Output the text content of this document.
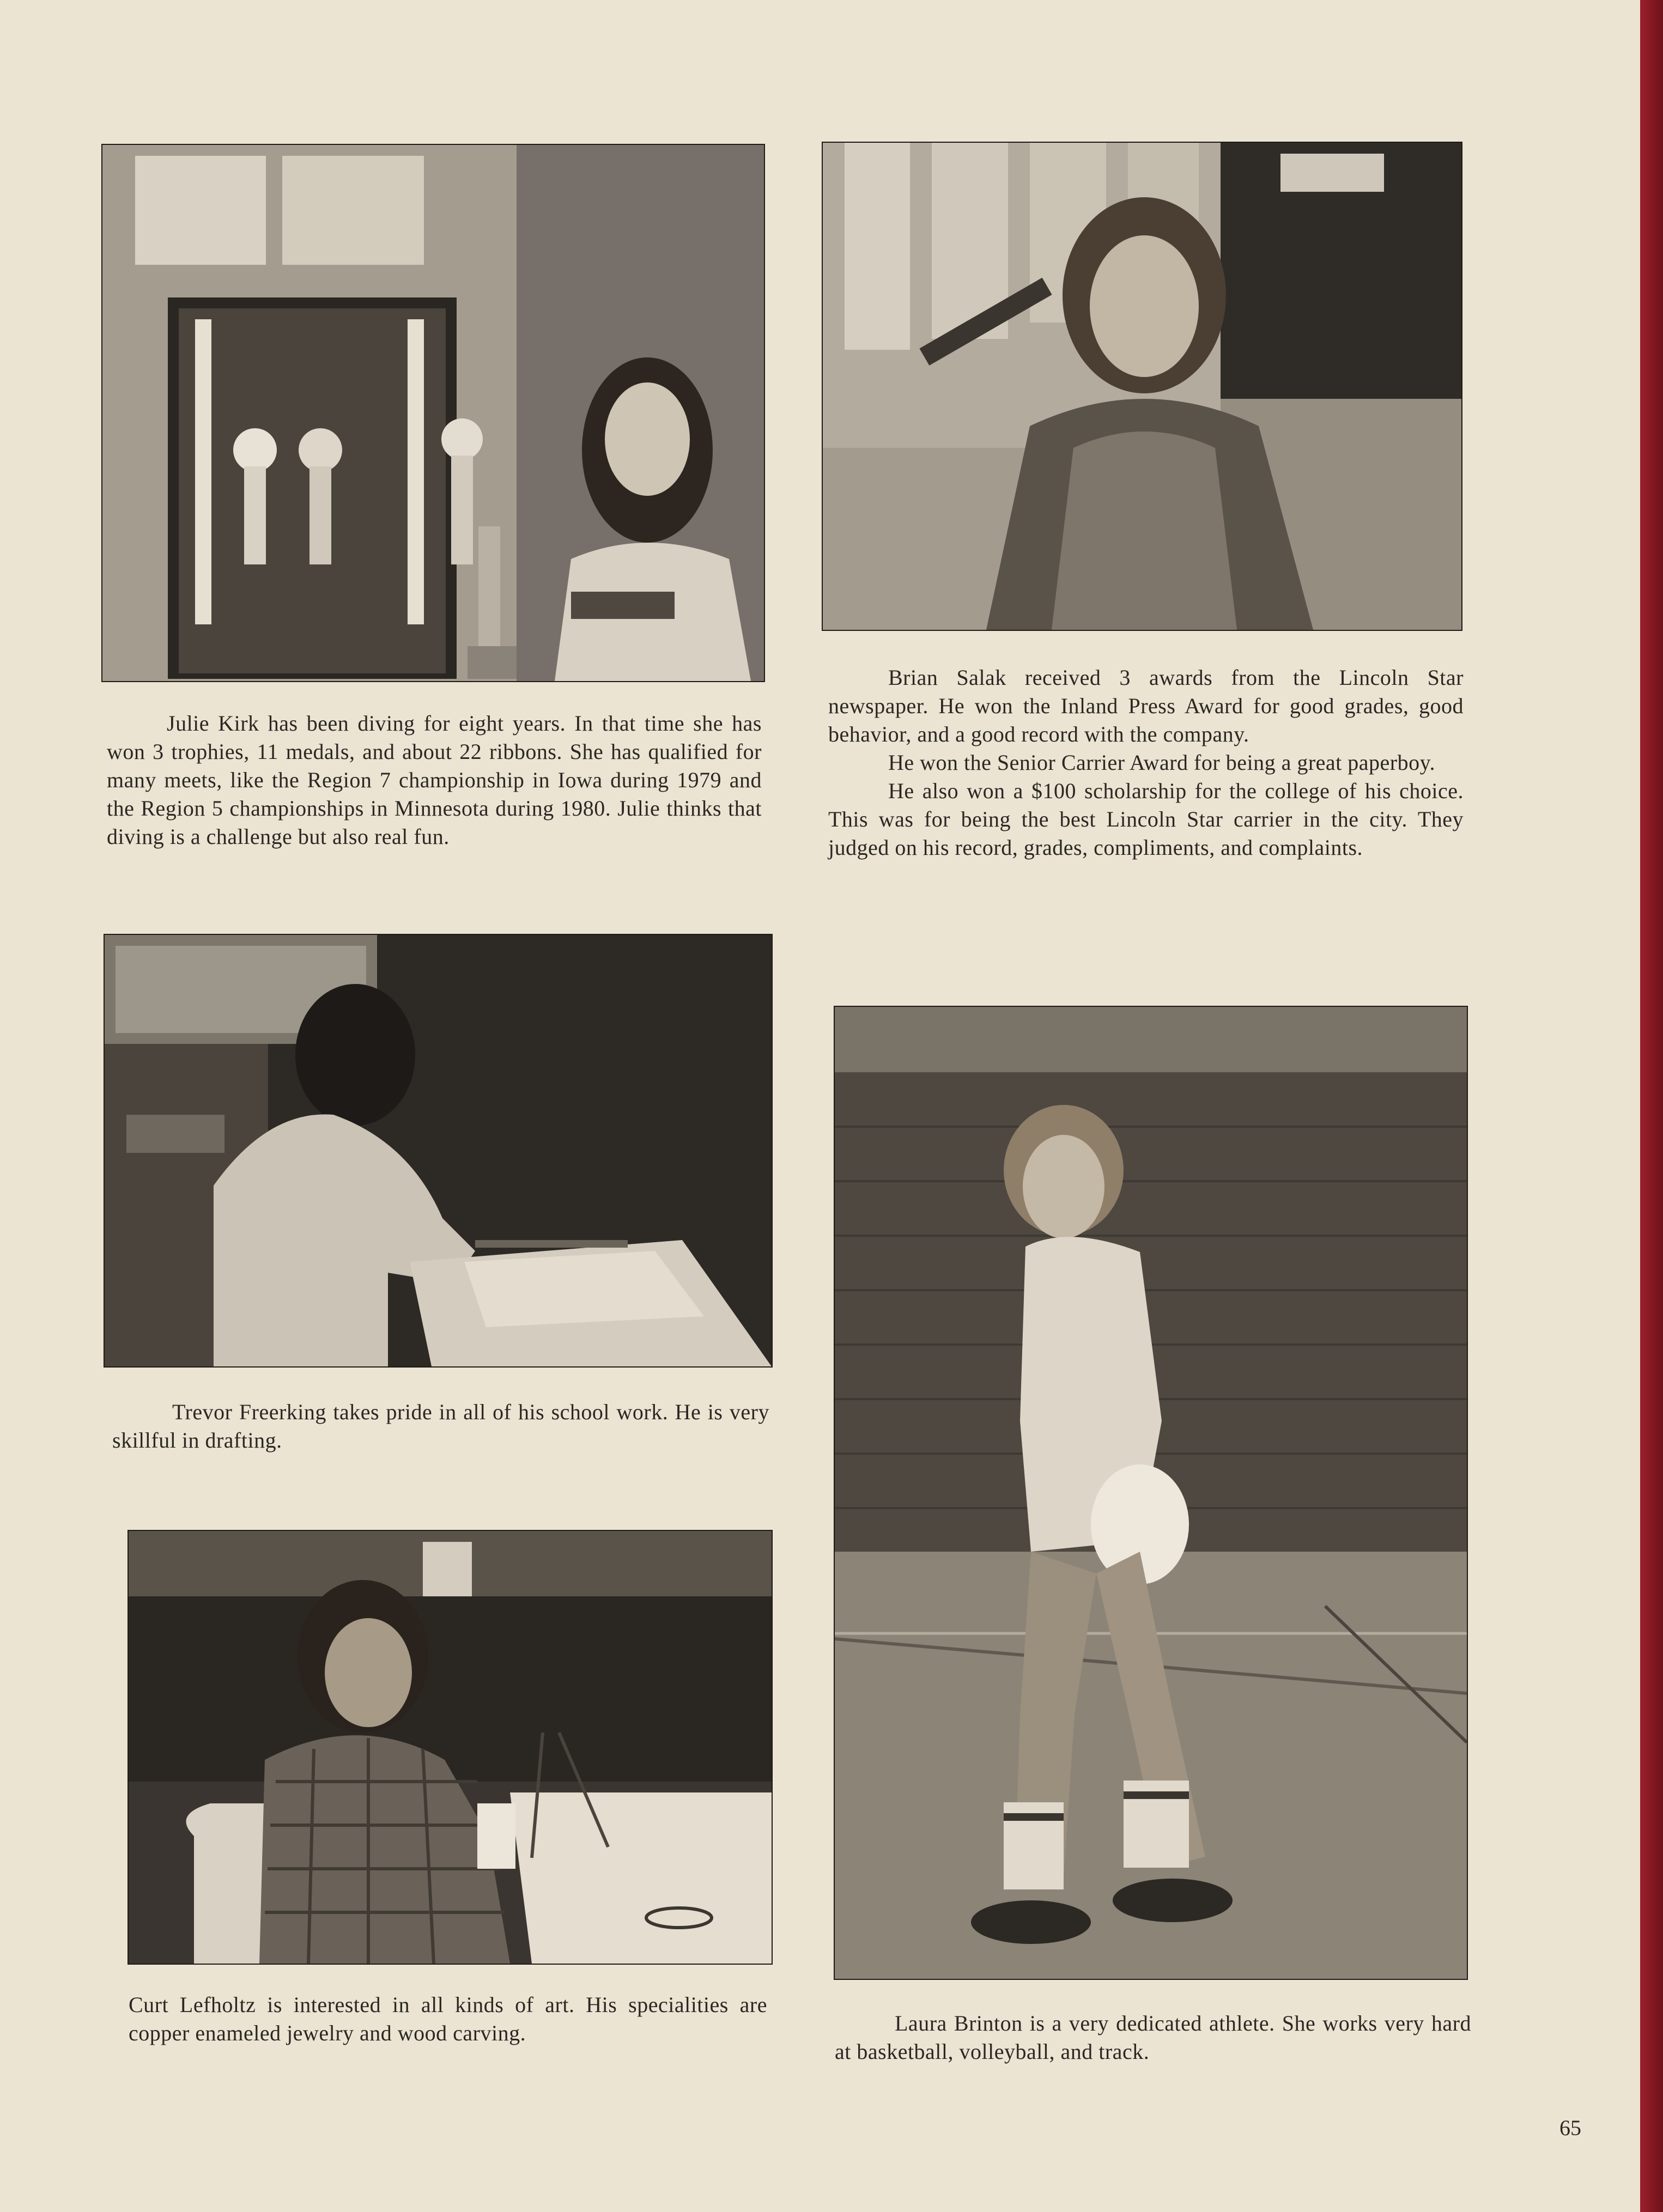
Julie Kirk has been diving for eight years. In that time she has won 3 trophies, 11 medals, and about 22 ribbons. She has qualified for many meets, like the Region 7 championship in Iowa during 1979 and the Region 5 championships in Minnesota during 1980. Julie thinks that diving is a challenge but also real fun.

Brian Salak received 3 awards from the Lincoln Star newspaper. He won the Inland Press Award for good grades, good behavior, and a good record with the company.

He won the Senior Carrier Award for being a great paperboy.

He also won a $100 scholarship for the college of his choice. This was for being the best Lincoln Star carrier in the city. They judged on his record, grades, compliments, and complaints.

Trevor Freerking takes pride in all of his school work. He is very skillful in drafting.

Curt Lefholtz is interested in all kinds of art. His specialities are copper enameled jewelry and wood carving.	Laura Brinton is a very dedicated athlete. She works very hard at basketball, volleyball, and track.

65
